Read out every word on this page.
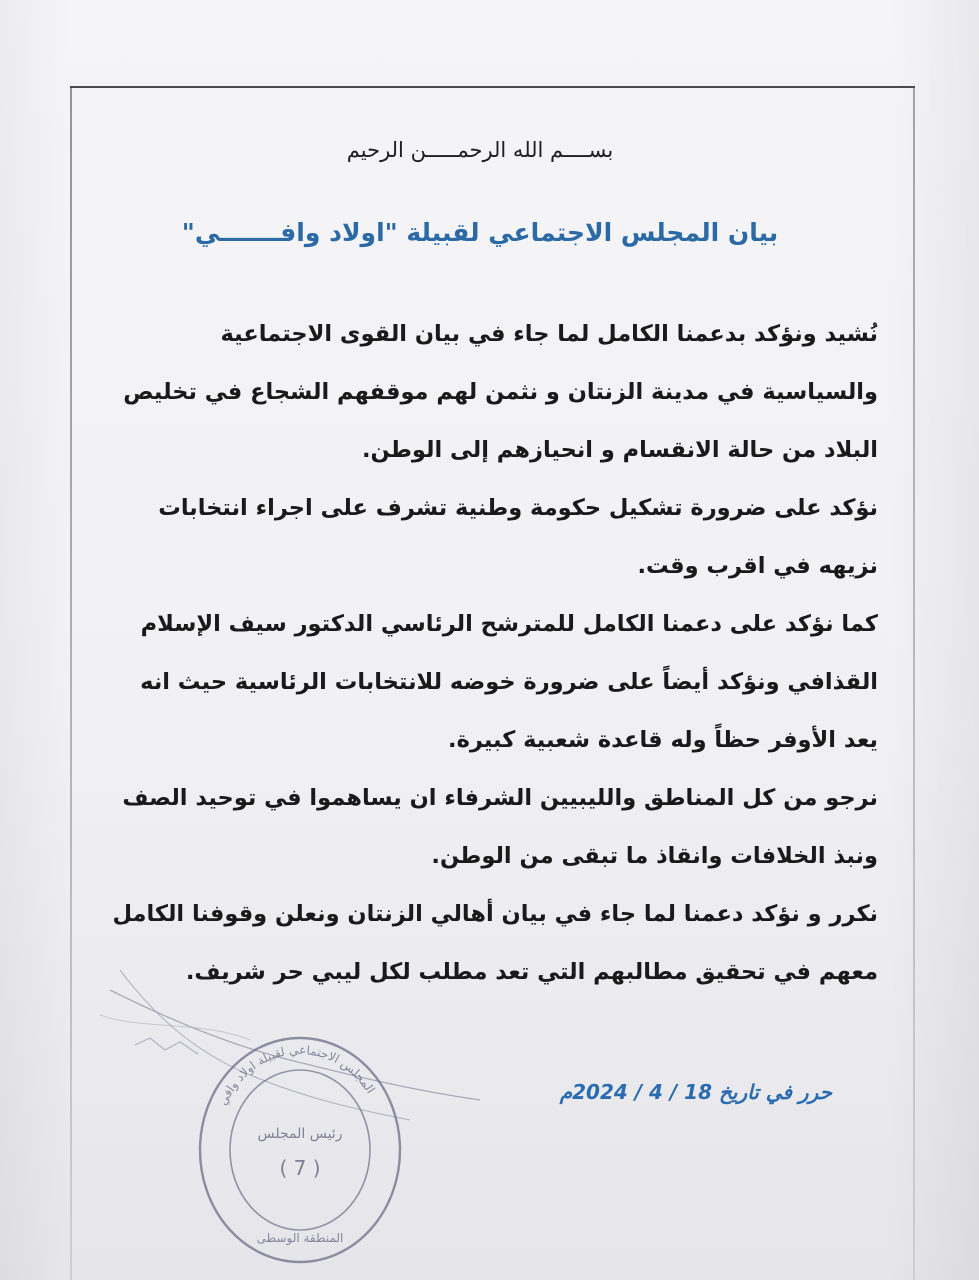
بســــم الله الرحمـــــن الرحيم
بيان المجلس الاجتماعي لقبيلة "اولاد وافـــــــي"
نُشيد ونؤكد بدعمنا الكامل لما جاء في بيان القوى الاجتماعية
والسياسية في مدينة الزنتان و نثمن لهم موقفهم الشجاع في تخليص
البلاد من حالة الانقسام و انحيازهم إلى الوطن.
نؤكد على ضرورة تشكيل حكومة وطنية تشرف على اجراء انتخابات
نزيهه في اقرب وقت.
كما نؤكد على دعمنا الكامل للمترشح الرئاسي الدكتور سيف الإسلام
القذافي ونؤكد أيضاً على ضرورة خوضه للانتخابات الرئاسية حيث انه
يعد الأوفر حظاً وله قاعدة شعبية كبيرة.
نرجو من كل المناطق والليبيين الشرفاء ان يساهموا في توحيد الصف
ونبذ الخلافات وانقاذ ما تبقى من الوطن.
نكرر و نؤكد دعمنا لما جاء في بيان أهالي الزنتان ونعلن وقوفنا الكامل
معهم في تحقيق مطالبهم التي تعد مطلب لكل ليبي حر شريف.
حرر في تاريخ 18 / 4 / 2024م
المجلس الاجتماعي لقبيلة اولاد وافي
رئيس المجلس
( 7 )
المنطقة الوسطى
